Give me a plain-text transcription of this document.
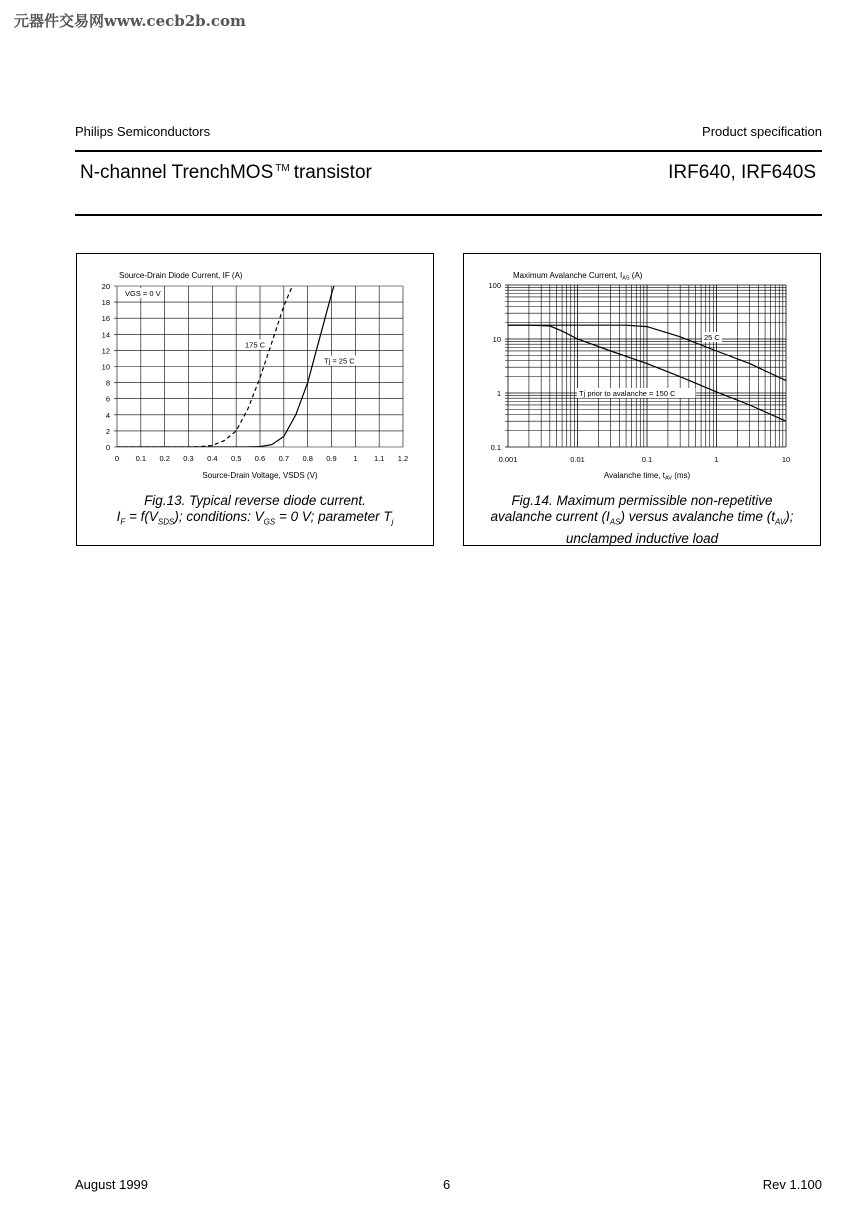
元器件交易网www.cecb2b.com
Philips Semiconductors	Product specification
N-channel TrenchMOS ™ transistor	IRF640, IRF640S
Source-Drain Diode Current, IF (A)
Source-Drain Voltage, VSDS (V)
0 0.1 0.2 0.3 0.4 0.5 0.6 0.7 0.8 0.9 1 1.1 1.2
0
2
4
6
8
10
12
14
16
18
20
VGS = 0 V
175 C
Tj = 25 C
Fig.13. Typical reverse diode current.
$I_F = f(V_{SDS})$; conditions: $V_{GS} = 0$ V; parameter $T_j$
Maximum Avalanche Current, IAS (A)
Avalanche time, tAV (ms)
0.001	0.01	0.1	1	10
0.1
1
10
100
25 C
Tj prior to avalanche = 150 C
Fig.14. Maximum permissible non-repetitive
avalanche current $(I_{AS})$ versus avalanche time $(t_{AV})$;
unclamped inductive load
August 1999	6	Rev 1.100
